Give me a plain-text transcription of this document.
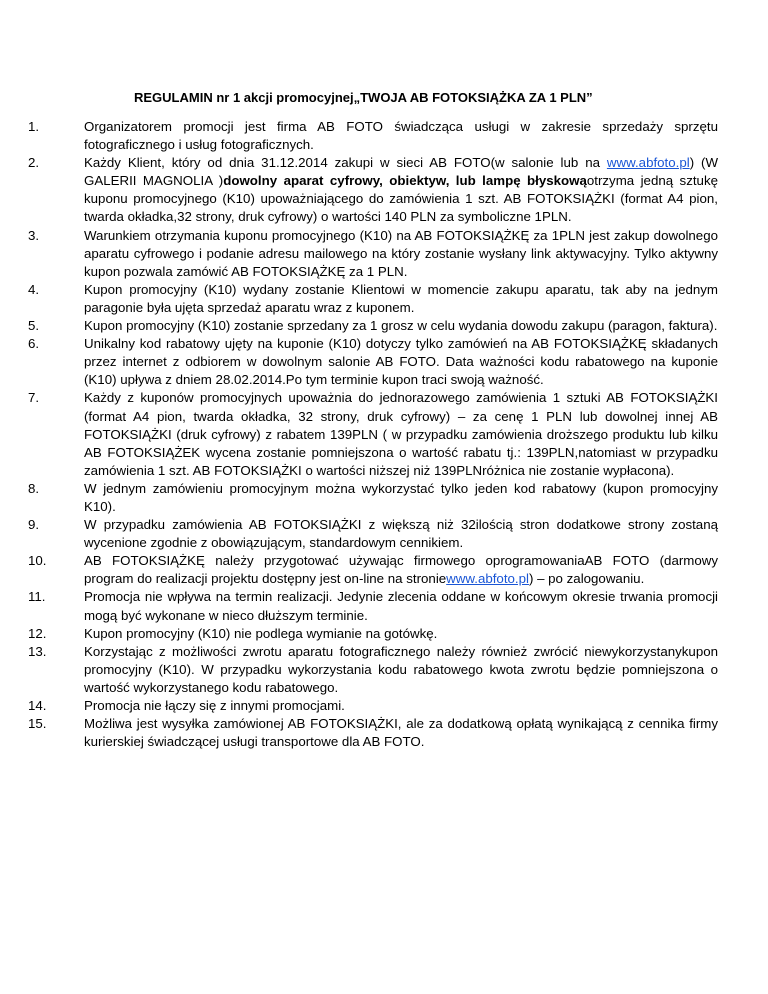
REGULAMIN nr 1 akcji promocyjnej„TWOJA AB FOTOKSIĄŻKA ZA 1 PLN”
1.	Organizatorem promocji jest firma AB FOTO świadcząca usługi w zakresie sprzedaży sprzętu fotograficznego i usług fotograficznych.
2.	Każdy Klient, który od dnia 31.12.2014 zakupi w sieci AB FOTO(w salonie lub na www.abfoto.pl) (W GALERII MAGNOLIA )dowolny aparat cyfrowy, obiektyw, lub lampę błyskowąotrzyma jedną sztukę kuponu promocyjnego (K10) upoważniającego do zamówienia 1 szt. AB FOTOKSIĄŻKI (format A4 pion, twarda okładka,32 strony, druk cyfrowy) o wartości 140 PLN za symboliczne 1PLN.
3.	Warunkiem otrzymania kuponu promocyjnego (K10) na AB FOTOKSIĄŻKĘ za 1PLN jest zakup dowolnego aparatu cyfrowego i podanie adresu mailowego na który zostanie wysłany link aktywacyjny. Tylko aktywny kupon pozwala zamówić AB FOTOKSIĄŻKĘ za 1 PLN.
4.	Kupon promocyjny (K10) wydany zostanie Klientowi w momencie zakupu aparatu, tak aby na jednym paragonie była ujęta sprzedaż aparatu wraz z kuponem.
5.	Kupon promocyjny (K10) zostanie sprzedany za 1 grosz w celu wydania dowodu zakupu (paragon, faktura).
6.	Unikalny kod rabatowy ujęty na kuponie (K10) dotyczy tylko zamówień na AB FOTOKSIĄŻKĘ składanych przez internet z odbiorem w dowolnym salonie AB FOTO. Data ważności kodu rabatowego na kuponie (K10) upływa z dniem 28.02.2014.Po tym terminie kupon traci swoją ważność.
7.	Każdy z kuponów promocyjnych upoważnia do jednorazowego zamówienia 1 sztuki AB FOTOKSIĄŻKI (format A4 pion, twarda okładka, 32 strony, druk cyfrowy) – za cenę 1 PLN lub dowolnej innej AB FOTOKSIĄŻKI (druk cyfrowy) z rabatem 139PLN ( w przypadku zamówienia droższego produktu lub kilku AB FOTOKSIĄŻEK wycena zostanie pomniejszona o wartość rabatu tj.: 139PLN,natomiast w przypadku zamówienia 1 szt. AB FOTOKSIĄŻKI o wartości niższej niż 139PLNróżnica nie zostanie wypłacona).
8.	W jednym zamówieniu promocyjnym można wykorzystać tylko jeden kod rabatowy (kupon promocyjny K10).
9.	W przypadku zamówienia AB FOTOKSIĄŻKI z większą niż 32ilością stron dodatkowe strony zostaną wycenione zgodnie z obowiązującym, standardowym cennikiem.
10.	AB FOTOKSIĄŻKĘ należy przygotować używając firmowego oprogramowaniaAB FOTO (darmowy program do realizacji projektu dostępny jest on-line na stroniewww.abfoto.pl) – po zalogowaniu.
11.	Promocja nie wpływa na termin realizacji. Jedynie zlecenia oddane w końcowym okresie trwania promocji mogą być wykonane w nieco dłuższym terminie.
12.	Kupon promocyjny (K10) nie podlega wymianie na gotówkę.
13.	Korzystając z możliwości zwrotu aparatu fotograficznego należy również zwrócić niewykorzystanykupon promocyjny (K10). W przypadku wykorzystania kodu rabatowego kwota zwrotu będzie pomniejszona o wartość wykorzystanego kodu rabatowego.
14.	Promocja nie łączy się z innymi promocjami.
15.	Możliwa jest wysyłka zamówionej AB FOTOKSIĄŻKI, ale za dodatkową opłatą wynikającą z cennika firmy kurierskiej świadczącej usługi transportowe dla AB FOTO.
